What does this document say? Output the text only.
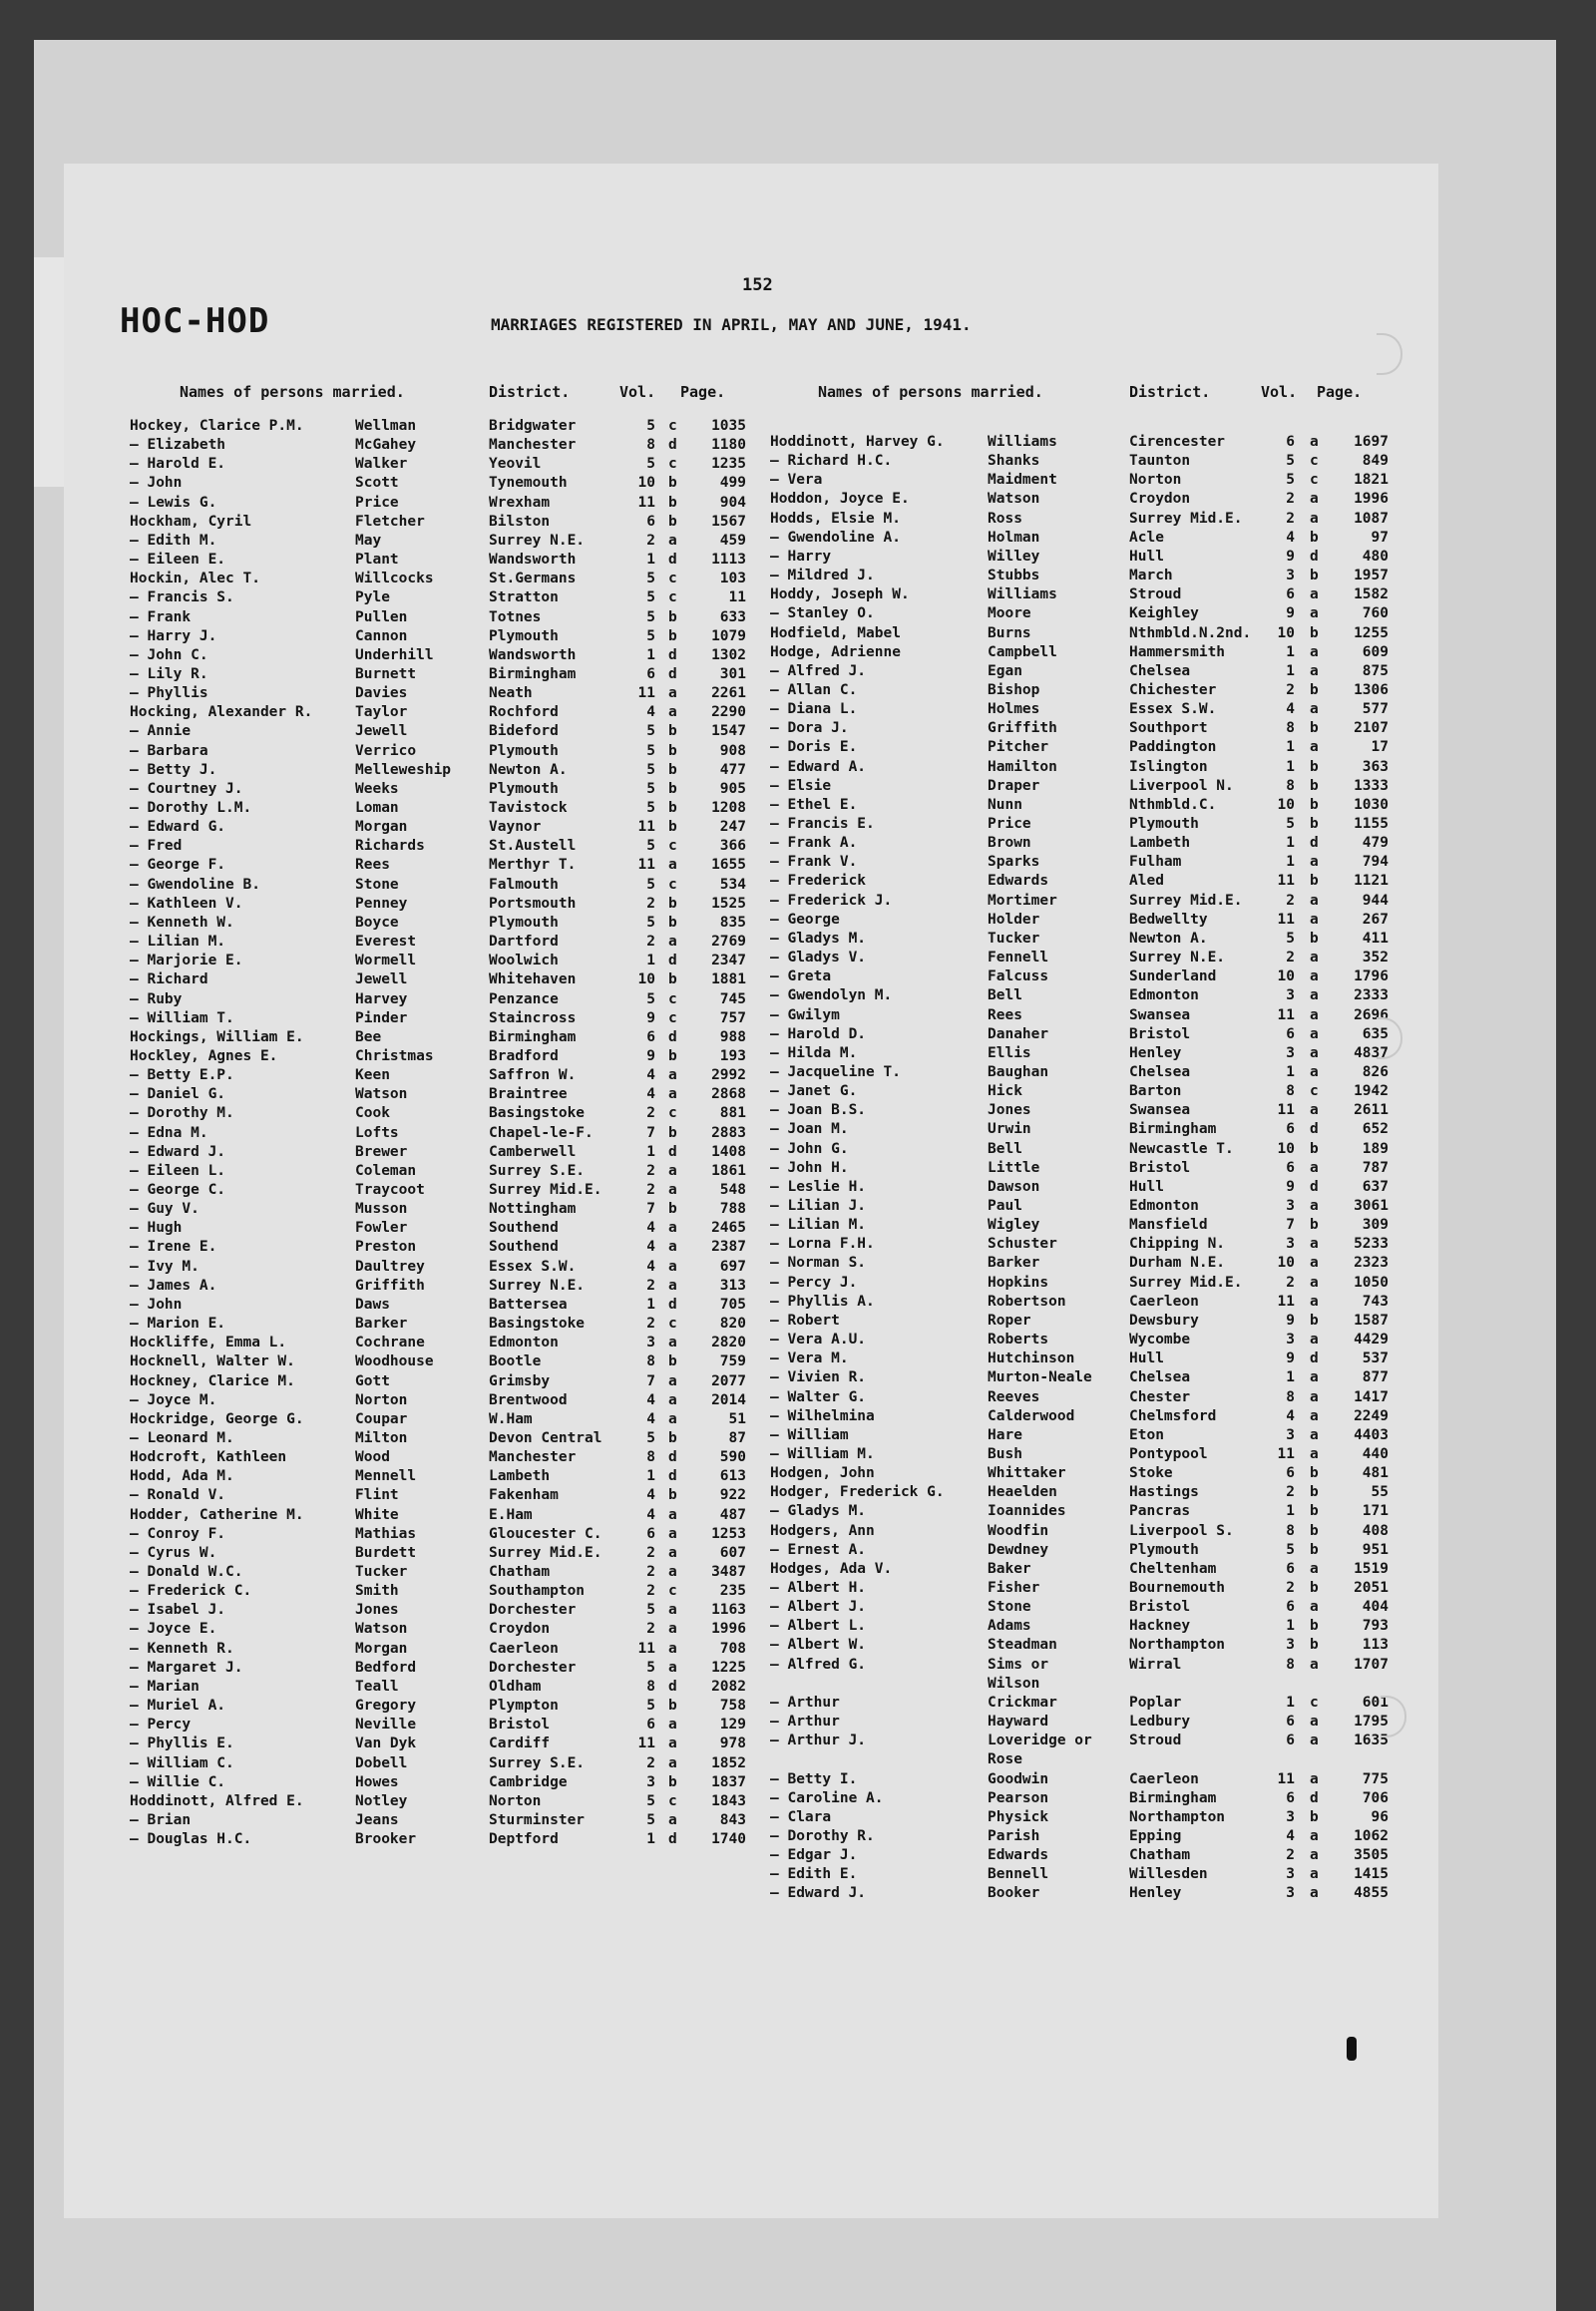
152
HOC-HOD	MARRIAGES REGISTERED IN APRIL, MAY AND JUNE, 1941.
Names of persons married.	District.	Vol. Page.
Hockey, Clarice P.M.	Wellman	Bridgwater	5 c	1035
— Elizabeth	McGahey	Manchester	8 d	1180
— Harold E.	Walker	Yeovil	5 c	1235
— John	Scott	Tynemouth	10 b	499
— Lewis G.	Price	Wrexham	11 b	904
Hockham, Cyril	Fletcher	Bilston	6 b	1567
— Edith M.	May	Surrey N.E.	2 a	459
— Eileen E.	Plant	Wandsworth	1 d	1113
Hockin, Alec T.	Willcocks	St.Germans	5 c	103
— Francis S.	Pyle	Stratton	5 c	11
— Frank	Pullen	Totnes	5 b	633
— Harry J.	Cannon	Plymouth	5 b	1079
— John C.	Underhill	Wandsworth	1 d	1302
— Lily R.	Burnett	Birmingham	6 d	301
— Phyllis	Davies	Neath	11 a	2261
Hocking, Alexander R.	Taylor	Rochford	4 a	2290
— Annie	Jewell	Bideford	5 b	1547
— Barbara	Verrico	Plymouth	5 b	908
— Betty J.	Melleweship	Newton A.	5 b	477
— Courtney J.	Weeks	Plymouth	5 b	905
— Dorothy L.M.	Loman	Tavistock	5 b	1208
— Edward G.	Morgan	Vaynor	11 b	247
— Fred	Richards	St.Austell	5 c	366
— George F.	Rees	Merthyr T.	11 a	1655
— Gwendoline B.	Stone	Falmouth	5 c	534
— Kathleen V.	Penney	Portsmouth	2 b	1525
— Kenneth W.	Boyce	Plymouth	5 b	835
— Lilian M.	Everest	Dartford	2 a	2769
— Marjorie E.	Wormell	Woolwich	1 d	2347
— Richard	Jewell	Whitehaven	10 b	1881
— Ruby	Harvey	Penzance	5 c	745
— William T.	Pinder	Staincross	9 c	757
Hockings, William E.	Bee	Birmingham	6 d	988
Hockley, Agnes E.	Christmas	Bradford	9 b	193
— Betty E.P.	Keen	Saffron W.	4 a	2992
— Daniel G.	Watson	Braintree	4 a	2868
— Dorothy M.	Cook	Basingstoke	2 c	881
— Edna M.	Lofts	Chapel-le-F.	7 b	2883
— Edward J.	Brewer	Camberwell	1 d	1408
— Eileen L.	Coleman	Surrey S.E.	2 a	1861
— George C.	Traycoot	Surrey Mid.E.	2 a	548
— Guy V.	Musson	Nottingham	7 b	788
— Hugh	Fowler	Southend	4 a	2465
— Irene E.	Preston	Southend	4 a	2387
— Ivy M.	Daultrey	Essex S.W.	4 a	697
— James A.	Griffith	Surrey N.E.	2 a	313
— John	Daws	Battersea	1 d	705
— Marion E.	Barker	Basingstoke	2 c	820
Hockliffe, Emma L.	Cochrane	Edmonton	3 a	2820
Hocknell, Walter W.	Woodhouse	Bootle	8 b	759
Hockney, Clarice M.	Gott	Grimsby	7 a	2077
— Joyce M.	Norton	Brentwood	4 a	2014
Hockridge, George G.	Coupar	W.Ham	4 a	51
— Leonard M.	Milton	Devon Central	5 b	87
Hodcroft, Kathleen	Wood	Manchester	8 d	590
Hodd, Ada M.	Mennell	Lambeth	1 d	613
— Ronald V.	Flint	Fakenham	4 b	922
Hodder, Catherine M.	White	E.Ham	4 a	487
— Conroy F.	Mathias	Gloucester C.	6 a	1253
— Cyrus W.	Burdett	Surrey Mid.E.	2 a	607
— Donald W.C.	Tucker	Chatham	2 a	3487
— Frederick C.	Smith	Southampton	2 c	235
— Isabel J.	Jones	Dorchester	5 a	1163
— Joyce E.	Watson	Croydon	2 a	1996
— Kenneth R.	Morgan	Caerleon	11 a	708
— Margaret J.	Bedford	Dorchester	5 a	1225
— Marian	Teall	Oldham	8 d	2082
— Muriel A.	Gregory	Plympton	5 b	758
— Percy	Neville	Bristol	6 a	129
— Phyllis E.	Van Dyk	Cardiff	11 a	978
— William C.	Dobell	Surrey S.E.	2 a	1852
— Willie C.	Howes	Cambridge	3 b	1837
Hoddinott, Alfred E.	Notley	Norton	5 c	1843
— Brian	Jeans	Sturminster	5 a	843
— Douglas H.C.	Brooker	Deptford	1 d	1740
Names of persons married.	District.	Vol. Page.
Hoddinott, Harvey G.	Williams	Cirencester	6 a	1697
— Richard H.C.	Shanks	Taunton	5 c	849
— Vera	Maidment	Norton	5 c	1821
Hoddon, Joyce E.	Watson	Croydon	2 a	1996
Hodds, Elsie M.	Ross	Surrey Mid.E.	2 a	1087
— Gwendoline A.	Holman	Acle	4 b	97
— Harry	Willey	Hull	9 d	480
— Mildred J.	Stubbs	March	3 b	1957
Hoddy, Joseph W.	Williams	Stroud	6 a	1582
— Stanley O.	Moore	Keighley	9 a	760
Hodfield, Mabel	Burns	Nthmbld.N.2nd.	10 b	1255
Hodge, Adrienne	Campbell	Hammersmith	1 a	609
— Alfred J.	Egan	Chelsea	1 a	875
— Allan C.	Bishop	Chichester	2 b	1306
— Diana L.	Holmes	Essex S.W.	4 a	577
— Dora J.	Griffith	Southport	8 b	2107
— Doris E.	Pitcher	Paddington	1 a	17
— Edward A.	Hamilton	Islington	1 b	363
— Elsie	Draper	Liverpool N.	8 b	1333
— Ethel E.	Nunn	Nthmbld.C.	10 b	1030
— Francis E.	Price	Plymouth	5 b	1155
— Frank A.	Brown	Lambeth	1 d	479
— Frank V.	Sparks	Fulham	1 a	794
— Frederick	Edwards	Aled	11 b	1121
— Frederick J.	Mortimer	Surrey Mid.E.	2 a	944
— George	Holder	Bedwellty	11 a	267
— Gladys M.	Tucker	Newton A.	5 b	411
— Gladys V.	Fennell	Surrey N.E.	2 a	352
— Greta	Falcuss	Sunderland	10 a	1796
— Gwendolyn M.	Bell	Edmonton	3 a	2333
— Gwilym	Rees	Swansea	11 a	2696
— Harold D.	Danaher	Bristol	6 a	635
— Hilda M.	Ellis	Henley	3 a	4837
— Jacqueline T.	Baughan	Chelsea	1 a	826
— Janet G.	Hick	Barton	8 c	1942
— Joan B.S.	Jones	Swansea	11 a	2611
— Joan M.	Urwin	Birmingham	6 d	652
— John G.	Bell	Newcastle T.	10 b	189
— John H.	Little	Bristol	6 a	787
— Leslie H.	Dawson	Hull	9 d	637
— Lilian J.	Paul	Edmonton	3 a	3061
— Lilian M.	Wigley	Mansfield	7 b	309
— Lorna F.H.	Schuster	Chipping N.	3 a	5233
— Norman S.	Barker	Durham N.E.	10 a	2323
— Percy J.	Hopkins	Surrey Mid.E.	2 a	1050
— Phyllis A.	Robertson	Caerleon	11 a	743
— Robert	Roper	Dewsbury	9 b	1587
— Vera A.U.	Roberts	Wycombe	3 a	4429
— Vera M.	Hutchinson	Hull	9 d	537
— Vivien R.	Murton-Neale	Chelsea	1 a	877
— Walter G.	Reeves	Chester	8 a	1417
— Wilhelmina	Calderwood	Chelmsford	4 a	2249
— William	Hare	Eton	3 a	4403
— William M.	Bush	Pontypool	11 a	440
Hodgen, John	Whittaker	Stoke	6 b	481
Hodger, Frederick G.	Heaelden	Hastings	2 b	55
— Gladys M.	Ioannides	Pancras	1 b	171
Hodgers, Ann	Woodfin	Liverpool S.	8 b	408
— Ernest A.	Dewdney	Plymouth	5 b	951
Hodges, Ada V.	Baker	Cheltenham	6 a	1519
— Albert H.	Fisher	Bournemouth	2 b	2051
— Albert J.	Stone	Bristol	6 a	404
— Albert L.	Adams	Hackney	1 b	793
— Albert W.	Steadman	Northampton	3 b	113
— Alfred G.	Sims or	Wirral	8 a	1707
Wilson
— Arthur	Crickmar	Poplar	1 c	601
— Arthur	Hayward	Ledbury	6 a	1795
— Arthur J.	Loveridge or	Stroud	6 a	1635
Rose
— Betty I.	Goodwin	Caerleon	11 a	775
— Caroline A.	Pearson	Birmingham	6 d	706
— Clara	Physick	Northampton	3 b	96
— Dorothy R.	Parish	Epping	4 a	1062
— Edgar J.	Edwards	Chatham	2 a	3505
— Edith E.	Bennell	Willesden	3 a	1415
— Edward J.	Booker	Henley	3 a	4855
